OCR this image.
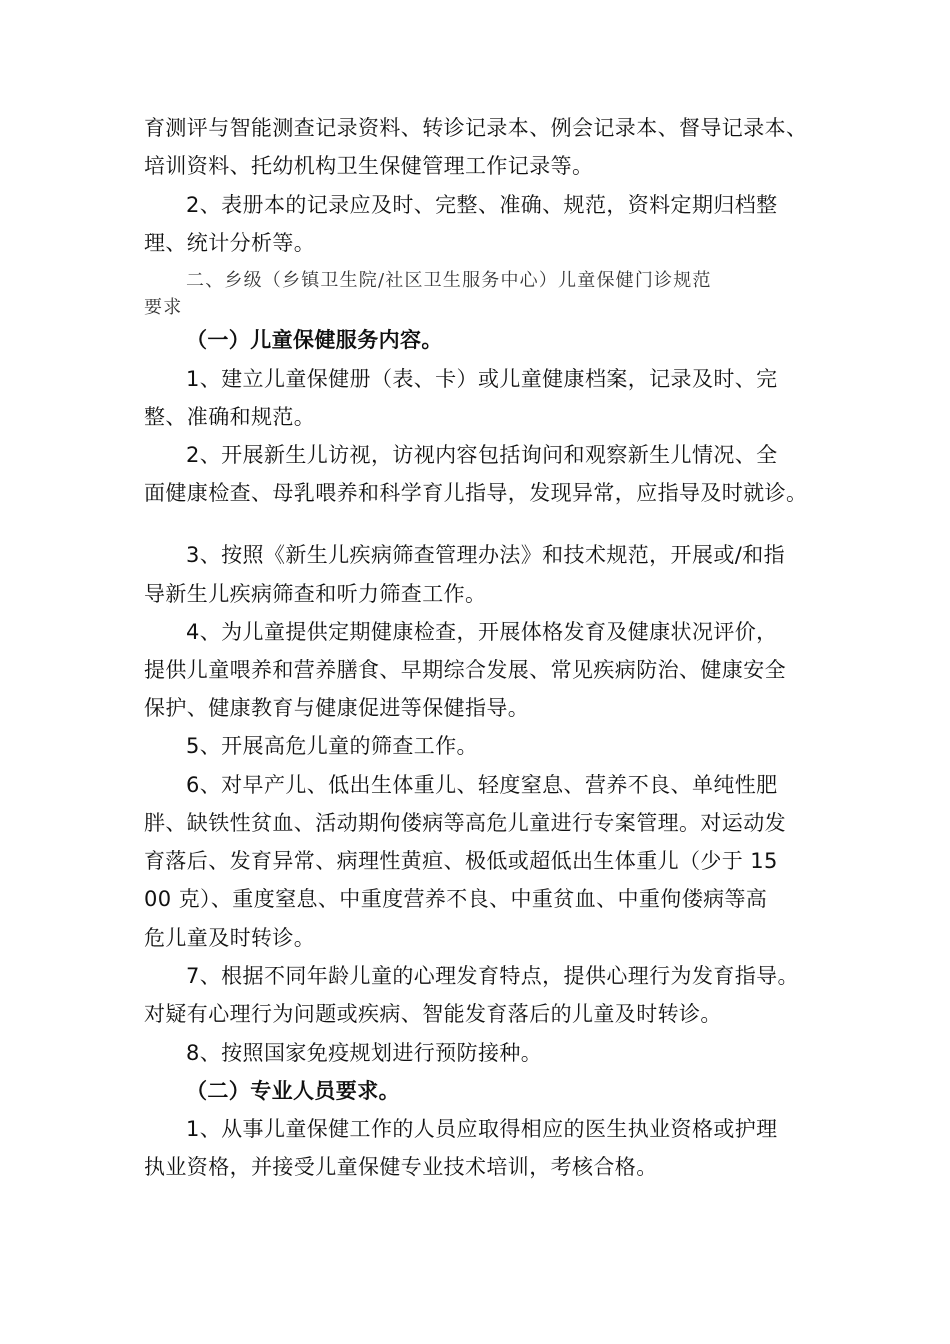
育测评与智能测查记录资料、转诊记录本、例会记录本、督导记录本、
培训资料、托幼机构卫生保健管理工作记录等。
2、表册本的记录应及时、完整、准确、规范，资料定期归档整
理、统计分析等。
二、乡级（乡镇卫生院/社区卫生服务中心）儿童保健门诊规范
要求
（一）儿童保健服务内容。
1、建立儿童保健册（表、卡）或儿童健康档案，记录及时、完
整、准确和规范。
2、开展新生儿访视，访视内容包括询问和观察新生儿情况、全
面健康检查、母乳喂养和科学育儿指导，发现异常，应指导及时就诊。
3、按照《新生儿疾病筛查管理办法》和技术规范，开展或/和指
导新生儿疾病筛查和听力筛查工作。
4、为儿童提供定期健康检查，开展体格发育及健康状况评价，
提供儿童喂养和营养膳食、早期综合发展、常见疾病防治、健康安全
保护、健康教育与健康促进等保健指导。
5、开展高危儿童的筛查工作。
6、对早产儿、低出生体重儿、轻度窒息、营养不良、单纯性肥
胖、缺铁性贫血、活动期佝偻病等高危儿童进行专案管理。对运动发
育落后、发育异常、病理性黄疸、极低或超低出生体重儿（少于 15
00 克）、重度窒息、中重度营养不良、中重贫血、中重佝偻病等高
危儿童及时转诊。
7、根据不同年龄儿童的心理发育特点，提供心理行为发育指导。
对疑有心理行为问题或疾病、智能发育落后的儿童及时转诊。
8、按照国家免疫规划进行预防接种。
（二）专业人员要求。
1、从事儿童保健工作的人员应取得相应的医生执业资格或护理
执业资格，并接受儿童保健专业技术培训，考核合格。
